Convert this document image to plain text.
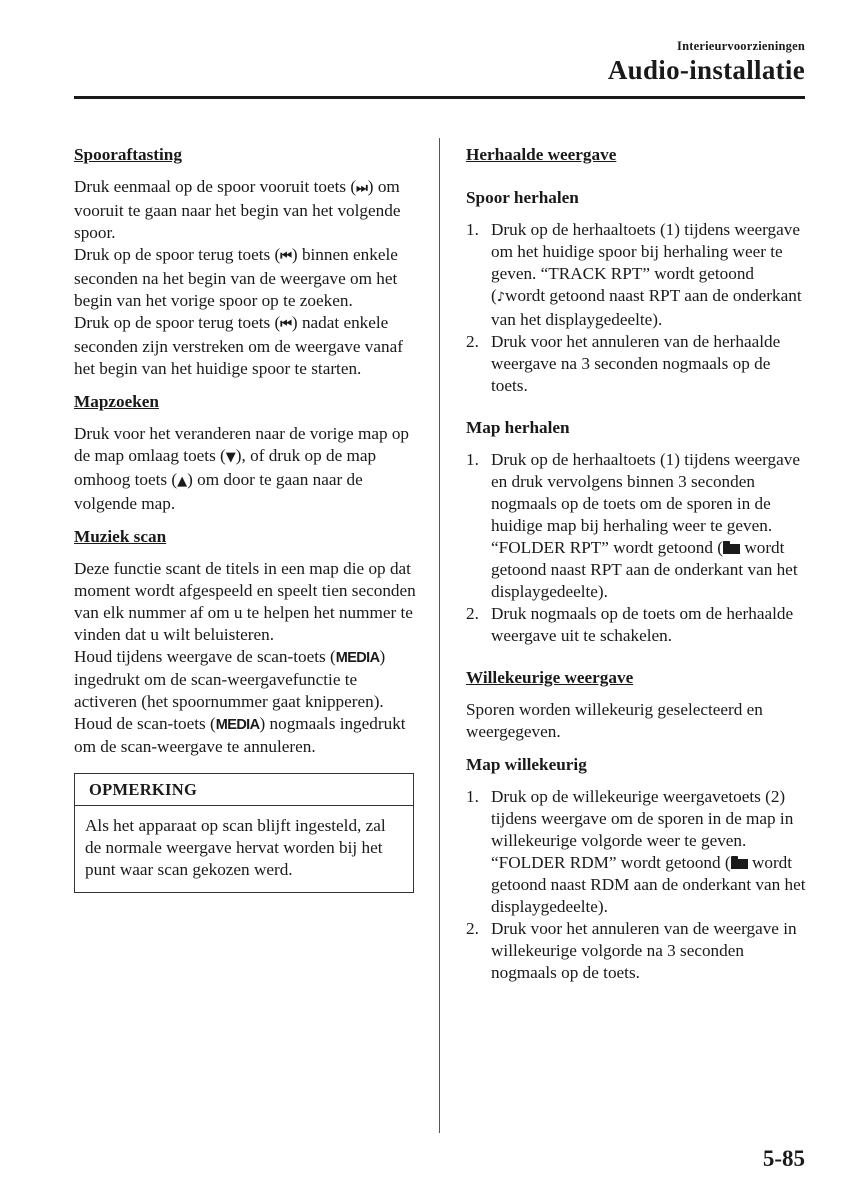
Interieurvoorzieningen
Audio-installatie
Spooraftasting

Druk eenmaal op de spoor vooruit toets (⏭) om vooruit te gaan naar het begin van het volgende spoor.

Druk op de spoor terug toets (⏮) binnen enkele seconden na het begin van de weergave om het begin van het vorige spoor op te zoeken.

Druk op de spoor terug toets (⏮) nadat enkele seconden zijn verstreken om de weergave vanaf het begin van het huidige spoor te starten.

Mapzoeken

Druk voor het veranderen naar de vorige map op de map omlaag toets (▼), of druk op de map omhoog toets (▲) om door te gaan naar de volgende map.

Muziek scan

Deze functie scant de titels in een map die op dat moment wordt afgespeeld en speelt tien seconden van elk nummer af om u te helpen het nummer te vinden dat u wilt beluisteren.

Houd tijdens weergave de scan-toets (MEDIA) ingedrukt om de scan-weergavefunctie te activeren (het spoornummer gaat knipperen). Houd de scan-toets (MEDIA) nogmaals ingedrukt om de scan-weergave te annuleren.

OPMERKING
Als het apparaat op scan blijft ingesteld, zal de normale weergave hervat worden bij het punt waar scan gekozen werd.
Herhaalde weergave
Spoor herhalen
1. Druk op de herhaaltoets (1) tijdens weergave om het huidige spoor bij herhaling weer te geven. “TRACK RPT” wordt getoond (♪wordt getoond naast RPT aan de onderkant van het displaygedeelte).
2. Druk voor het annuleren van de herhaalde weergave na 3 seconden nogmaals op de toets.
Map herhalen
1. Druk op de herhaaltoets (1) tijdens weergave en druk vervolgens binnen 3 seconden nogmaals op de toets om de sporen in de huidige map bij herhaling weer te geven. “FOLDER RPT” wordt getoond ( wordt getoond naast RPT aan de onderkant van het displaygedeelte).
2. Druk nogmaals op de toets om de herhaalde weergave uit te schakelen.
Willekeurige weergave

Sporen worden willekeurig geselecteerd en weergegeven.

Map willekeurig
1. Druk op de willekeurige weergavetoets (2) tijdens weergave om de sporen in de map in willekeurige volgorde weer te geven. “FOLDER RDM” wordt getoond ( wordt getoond naast RDM aan de onderkant van het displaygedeelte).
2. Druk voor het annuleren van de weergave in willekeurige volgorde na 3 seconden nogmaals op de toets.
5-85
